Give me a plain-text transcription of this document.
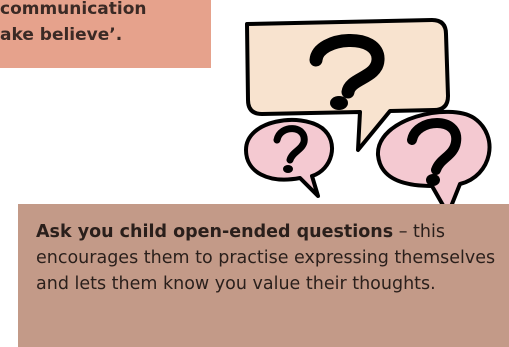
communication
ake believe’.
Ask you child open-ended questions – this encourages them to practise expressing themselves and lets them know you value their thoughts.
